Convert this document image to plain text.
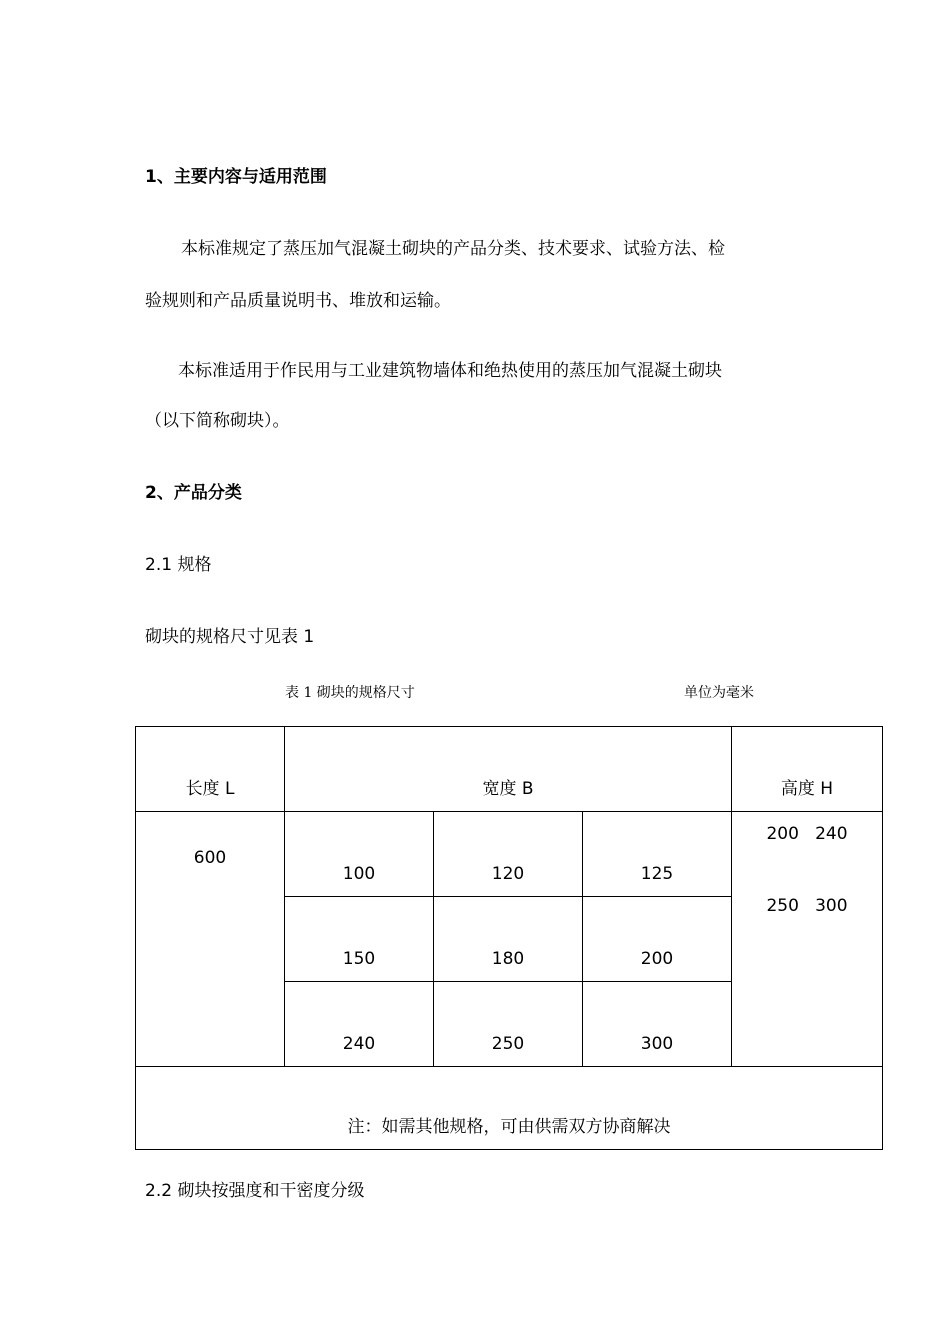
1、主要内容与适用范围
本标准规定了蒸压加气混凝土砌块的产品分类、技术要求、试验方法、检
验规则和产品质量说明书、堆放和运输。
本标准适用于作民用与工业建筑物墙体和绝热使用的蒸压加气混凝土砌块
（以下简称砌块）。
2、产品分类
2.1 规格
砌块的规格尺寸见表 1
表 1 砌块的规格尺寸	单位为毫米
长度 L	宽度 B			高度 H
600	100	120	125	200   240
250   300

	150	180	200	
	240	250	300	
注：如需其他规格，可由供需双方协商解决				
2.2 砌块按强度和干密度分级
